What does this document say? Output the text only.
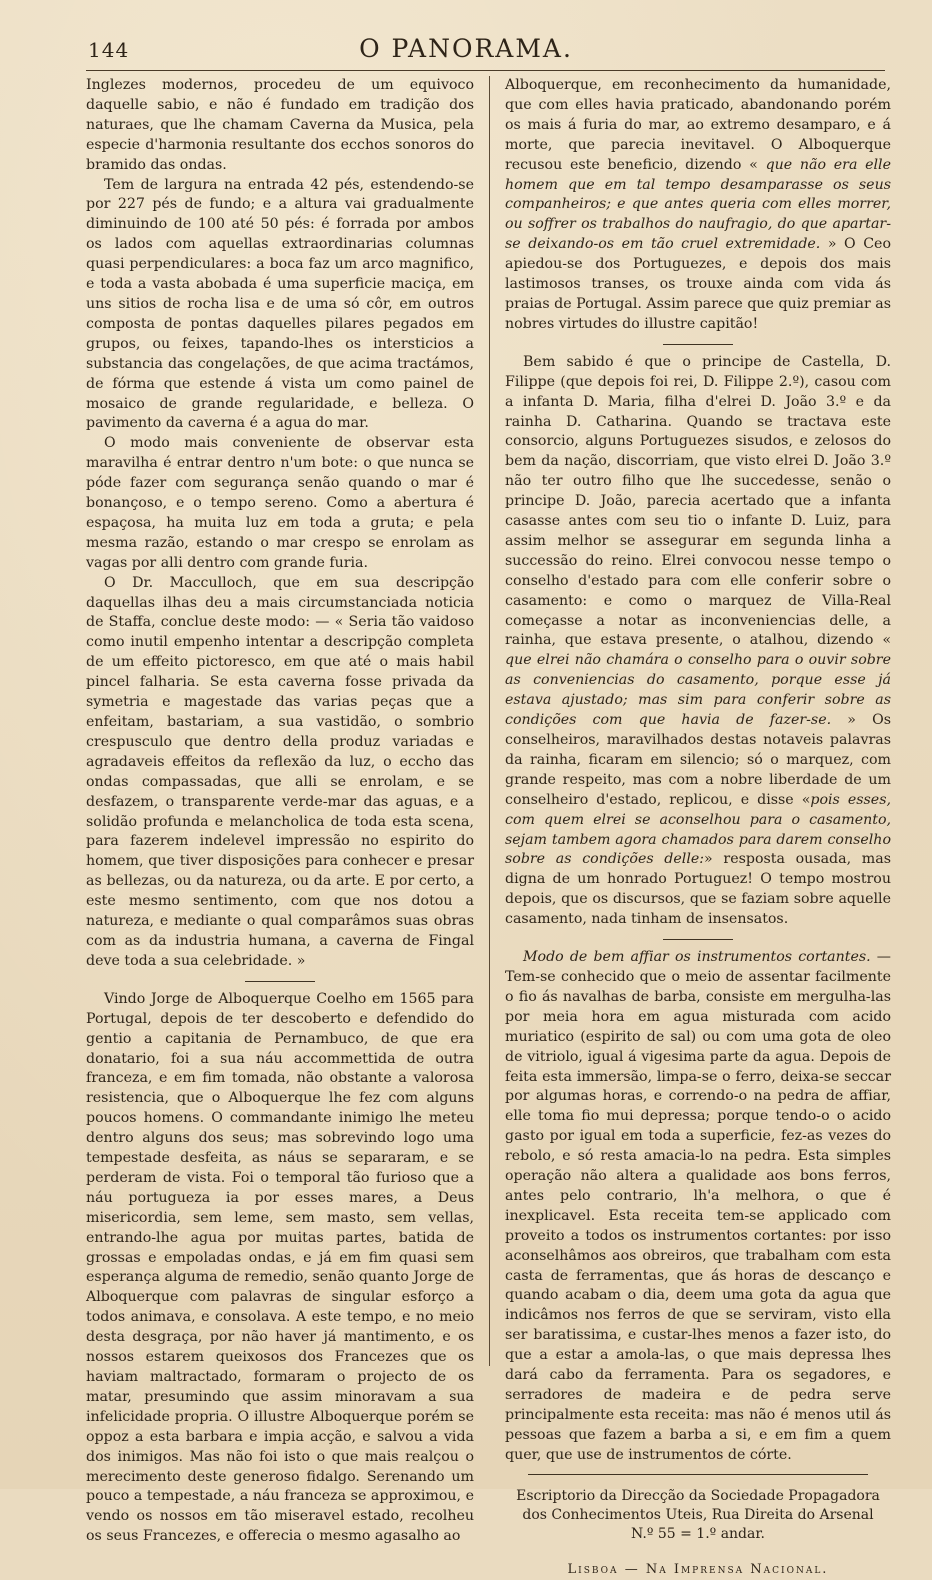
144	O PANORAMA.

Inglezes modernos, procedeu de um equivoco daquelle sabio, e não é fundado em tradição dos naturaes, que lhe chamam Caverna da Musica, pela especie d'harmonia resultante dos ecchos sonoros do bramido das ondas.

Tem de largura na entrada 42 pés, estendendo-se por 227 pés de fundo; e a altura vai gradualmente diminuindo de 100 até 50 pés: é forrada por ambos os lados com aquellas extraordinarias columnas quasi perpendiculares: a boca faz um arco magnifico, e toda a vasta abobada é uma superficie maciça, em uns sitios de rocha lisa e de uma só côr, em outros composta de pontas daquelles pilares pegados em grupos, ou feixes, tapando-lhes os intersticios a substancia das congelações, de que acima tractámos, de fórma que estende á vista um como painel de mosaico de grande regularidade, e belleza. O pavimento da caverna é a agua do mar.

O modo mais conveniente de observar esta maravilha é entrar dentro n'um bote: o que nunca se póde fazer com segurança senão quando o mar é bonançoso, e o tempo sereno. Como a abertura é espaçosa, ha muita luz em toda a gruta; e pela mesma razão, estando o mar crespo se enrolam as vagas por alli dentro com grande furia.

O Dr. Macculloch, que em sua descripção daquellas ilhas deu a mais circumstanciada noticia de Staffa, conclue deste modo: — « Seria tão vaidoso como inutil empenho intentar a descripção completa de um effeito pictoresco, em que até o mais habil pincel falharia. Se esta caverna fosse privada da symetria e magestade das varias peças que a enfeitam, bastariam, a sua vastidão, o sombrio crespusculo que dentro della produz variadas e agradaveis effeitos da reflexão da luz, o eccho das ondas compassadas, que alli se enrolam, e se desfazem, o transparente verde-mar das aguas, e a solidão profunda e melancholica de toda esta scena, para fazerem indelevel impressão no espirito do homem, que tiver disposições para conhecer e presar as bellezas, ou da natureza, ou da arte. E por certo, a este mesmo sentimento, com que nos dotou a natureza, e mediante o qual comparâmos suas obras com as da industria humana, a caverna de Fingal deve toda a sua celebridade. »

Vindo Jorge de Alboquerque Coelho em 1565 para Portugal, depois de ter descoberto e defendido do gentio a capitania de Pernambuco, de que era donatario, foi a sua náu accommettida de outra franceza, e em fim tomada, não obstante a valorosa resistencia, que o Alboquerque lhe fez com alguns poucos homens. O commandante inimigo lhe meteu dentro alguns dos seus; mas sobrevindo logo uma tempestade desfeita, as náus se separaram, e se perderam de vista. Foi o temporal tão furioso que a náu portugueza ia por esses mares, a Deus misericordia, sem leme, sem masto, sem vellas, entrando-lhe agua por muitas partes, batida de grossas e empoladas ondas, e já em fim quasi sem esperança alguma de remedio, senão quanto Jorge de Alboquerque com palavras de singular esforço a todos animava, e consolava. A este tempo, e no meio desta desgraça, por não haver já mantimento, e os nossos estarem queixosos dos Francezes que os haviam maltractado, formaram o projecto de os matar, presumindo que assim minoravam a sua infelicidade propria. O illustre Alboquerque porém se oppoz a esta barbara e impia acção, e salvou a vida dos inimigos. Mas não foi isto o que mais realçou o merecimento deste generoso fidalgo. Serenando um pouco a tempestade, a náu franceza se approximou, e vendo os nossos em tão miseravel estado, recolheu os seus Francezes, e offerecia o mesmo agasalho ao

Alboquerque, em reconhecimento da humanidade, que com elles havia praticado, abandonando porém os mais á furia do mar, ao extremo desamparo, e á morte, que parecia inevitavel. O Alboquerque recusou este beneficio, dizendo « que não era elle homem que em tal tempo desamparasse os seus companheiros; e que antes queria com elles morrer, ou soffrer os trabalhos do naufragio, do que apartar-se deixando-os em tão cruel extremidade. » O Ceo apiedou-se dos Portuguezes, e depois dos mais lastimosos transes, os trouxe ainda com vida ás praias de Portugal. Assim parece que quiz premiar as nobres virtudes do illustre capitão!

Bem sabido é que o principe de Castella, D. Filippe (que depois foi rei, D. Filippe 2.º), casou com a infanta D. Maria, filha d'elrei D. João 3.º e da rainha D. Catharina. Quando se tractava este consorcio, alguns Portuguezes sisudos, e zelosos do bem da nação, discorriam, que visto elrei D. João 3.º não ter outro filho que lhe succedesse, senão o principe D. João, parecia acertado que a infanta casasse antes com seu tio o infante D. Luiz, para assim melhor se assegurar em segunda linha a successão do reino. Elrei convocou nesse tempo o conselho d'estado para com elle conferir sobre o casamento: e como o marquez de Villa-Real começasse a notar as inconveniencias delle, a rainha, que estava presente, o atalhou, dizendo « que elrei não chamára o conselho para o ouvir sobre as conveniencias do casamento, porque esse já estava ajustado; mas sim para conferir sobre as condições com que havia de fazer-se. » Os conselheiros, maravilhados destas notaveis palavras da rainha, ficaram em silencio; só o marquez, com grande respeito, mas com a nobre liberdade de um conselheiro d'estado, replicou, e disse «pois esses, com quem elrei se aconselhou para o casamento, sejam tambem agora chamados para darem conselho sobre as condições delle:» resposta ousada, mas digna de um honrado Portuguez! O tempo mostrou depois, que os discursos, que se faziam sobre aquelle casamento, nada tinham de insensatos.

Modo de bem affiar os instrumentos cortantes. — Tem-se conhecido que o meio de assentar facilmente o fio ás navalhas de barba, consiste em mergulha-las por meia hora em agua misturada com acido muriatico (espirito de sal) ou com uma gota de oleo de vitriolo, igual á vigesima parte da agua. Depois de feita esta immersão, limpa-se o ferro, deixa-se seccar por algumas horas, e correndo-o na pedra de affiar, elle toma fio mui depressa; porque tendo-o o acido gasto por igual em toda a superficie, fez-as vezes do rebolo, e só resta amacia-lo na pedra. Esta simples operação não altera a qualidade aos bons ferros, antes pelo contrario, lh'a melhora, o que é inexplicavel. Esta receita tem-se applicado com proveito a todos os instrumentos cortantes: por isso aconselhâmos aos obreiros, que trabalham com esta casta de ferramentas, que ás horas de descanço e quando acabam o dia, deem uma gota da agua que indicâmos nos ferros de que se serviram, visto ella ser baratissima, e custar-lhes menos a fazer isto, do que a estar a amola-las, o que mais depressa lhes dará cabo da ferramenta. Para os segadores, e serradores de madeira e de pedra serve principalmente esta receita: mas não é menos util ás pessoas que fazem a barba a si, e em fim a quem quer, que use de instrumentos de córte.

Escriptorio da Direcção da Sociedade Propagadora
dos Conhecimentos Uteis, Rua Direita do Arsenal
N.º 55 = 1.º andar.
Lisboa — Na Imprensa Nacional.
